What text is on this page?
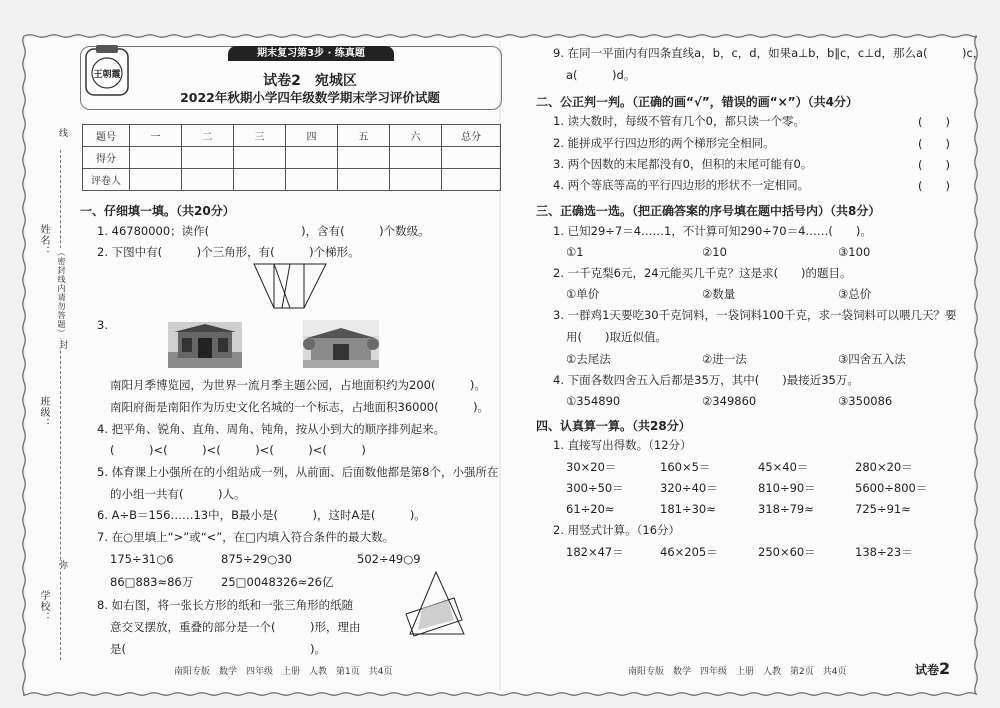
姓名：
班级：
学校：
线
封
弥
（密封线内请勿答题）
期末复习第3步 · 练真题
王朝霞	试卷2　宛城区
2022年秋期小学四年级数学期末学习评价试题
题号	一	二	三	四	五	六	总分
得分							
评卷人							
一、仔细填一填。（共20分）
1. 46780000；读作(　　　　　　　　)，含有(　　　)个数级。
2. 下图中有(　　　)个三角形，有(　　　)个梯形。
3.
南阳月季博览园，为世界一流月季主题公园，占地面积约为200(　　　)。
南阳府衙是南阳作为历史文化名城的一个标志，占地面积36000(　　　)。
4. 把平角、锐角、直角、周角、钝角，按从小到大的顺序排列起来。
(　　　)<(　　　)<(　　　)<(　　　)<(　　　)
5. 体育课上小强所在的小组站成一列，从前面、后面数他都是第8个，小强所在
的小组一共有(　　　)人。
6. A÷B＝156……13中，B最小是(　　　)，这时A是(　　　)。
7. 在○里填上“>”或“<”，在□内填入符合条件的最大数。
175÷31○6	875÷29○30	502÷49○9
86□883≈86万 25□0048326≈26亿
8. 如右图，将一张长方形的纸和一张三角形的纸随
意交叉摆放，重叠的部分是一个(　　　)形，理由
是(　　　　　　　　　　　　　　　　)。
9. 在同一平面内有四条直线a，b，c，d，如果a⊥b，b∥c，c⊥d，那么a(　　　)c，
a(　　　)d。
二、公正判一判。（正确的画“√”，错误的画“×”）（共4分）
1. 读大数时，每级不管有几个0，都只读一个零。	(　　)
2. 能拼成平行四边形的两个梯形完全相同。	(　　)
3. 两个因数的末尾都没有0，但积的末尾可能有0。	(　　)
4. 两个等底等高的平行四边形的形状不一定相同。	(　　)
三、正确选一选。（把正确答案的序号填在题中括号内）（共8分）
1. 已知29÷7＝4……1，不计算可知290÷70＝4……(　　)。
①1	②10	③100
2. 一千克梨6元，24元能买几千克？这是求(　　)的题目。
①单价	②数量	③总价
3. 一群鸡1天要吃30千克饲料，一袋饲料100千克，求一袋饲料可以喂几天？要
用(　　)取近似值。
①去尾法	②进一法	③四舍五入法
4. 下面各数四舍五入后都是35万，其中(　　)最接近35万。
①354890	②349860	③350086
四、认真算一算。（共28分）
1. 直接写出得数。（12分）
30×20＝	160×5＝	45×40＝	280×20＝
300÷50＝	320÷40＝	810÷90＝	5600÷800＝
61÷20≈	181÷30≈	318÷79≈	725÷91≈
2. 用竖式计算。（16分）
182×47＝	46×205＝	250×60＝	138÷23＝
南阳专版　数学　四年级　上册　人教　第1页　共4页	南阳专版　数学　四年级　上册　人教　第2页　共4页	试卷2
